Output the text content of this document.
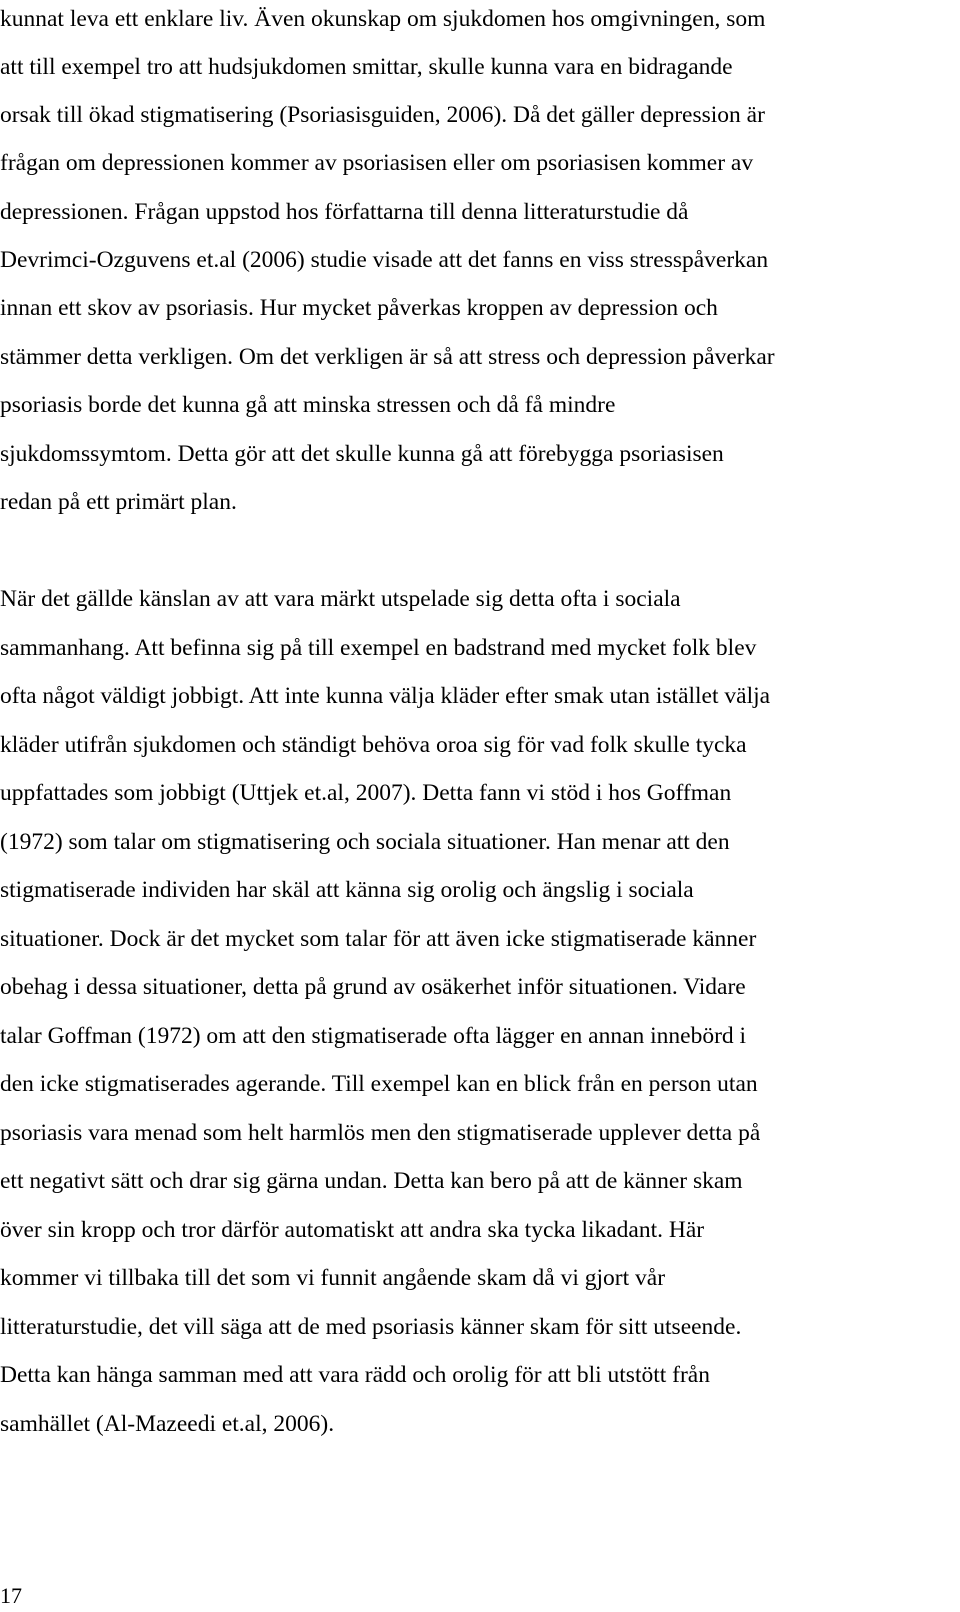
kunnat leva ett enklare liv. Även okunskap om sjukdomen hos omgivningen, som

att till exempel tro att hudsjukdomen smittar, skulle kunna vara en bidragande

orsak till ökad stigmatisering (Psoriasisguiden, 2006). Då det gäller depression är

frågan om depressionen kommer av psoriasisen eller om psoriasisen kommer av

depressionen. Frågan uppstod hos författarna till denna litteraturstudie då

Devrimci-Ozguvens et.al (2006) studie visade att det fanns en viss stresspåverkan

innan ett skov av psoriasis. Hur mycket påverkas kroppen av depression och

stämmer detta verkligen. Om det verkligen är så att stress och depression påverkar

psoriasis borde det kunna gå att minska stressen och då få mindre

sjukdomssymtom. Detta gör att det skulle kunna gå att förebygga psoriasisen

redan på ett primärt plan.

När det gällde känslan av att vara märkt utspelade sig detta ofta i sociala

sammanhang. Att befinna sig på till exempel en badstrand med mycket folk blev

ofta något väldigt jobbigt. Att inte kunna välja kläder efter smak utan istället välja

kläder utifrån sjukdomen och ständigt behöva oroa sig för vad folk skulle tycka

uppfattades som jobbigt (Uttjek et.al, 2007). Detta fann vi stöd i hos Goffman

(1972) som talar om stigmatisering och sociala situationer. Han menar att den

stigmatiserade individen har skäl att känna sig orolig och ängslig i sociala

situationer. Dock är det mycket som talar för att även icke stigmatiserade känner

obehag i dessa situationer, detta på grund av osäkerhet inför situationen. Vidare

talar Goffman (1972) om att den stigmatiserade ofta lägger en annan innebörd i

den icke stigmatiserades agerande. Till exempel kan en blick från en person utan

psoriasis vara menad som helt harmlös men den stigmatiserade upplever detta på

ett negativt sätt och drar sig gärna undan. Detta kan bero på att de känner skam

över sin kropp och tror därför automatiskt att andra ska tycka likadant. Här

kommer vi tillbaka till det som vi funnit angående skam då vi gjort vår

litteraturstudie, det vill säga att de med psoriasis känner skam för sitt utseende.

Detta kan hänga samman med att vara rädd och orolig för att bli utstött från

samhället (Al-Mazeedi et.al, 2006).

17
